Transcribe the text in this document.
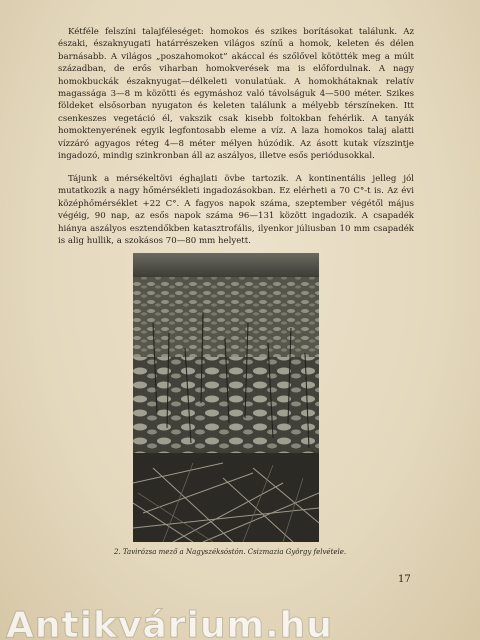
Kétféle felszíni talajféleséget: homokos és szikes borításokat találunk. Az északi, északnyugati határrészeken világos színű a homok, keleten és délen barnásabb. A világos „poszahomokot” akáccal és szőlővel kötötték meg a múlt században, de erős viharban homokverések ma is előfordulnak. A nagy homokbuckák északnyugat—délkeleti vonulatúak. A homokhátaknak relatív magassága 3—8 m közötti és egymáshoz való távolságuk 4—500 méter. Szikes földeket elsősorban nyugaton és keleten találunk a mélyebb térszíneken. Itt csenkeszes vegetáció él, vakszik csak kisebb foltokban fehérlik. A tanyák homoktenyerének egyik legfontosabb eleme a víz. A laza homokos talaj alatti vízzáró agyagos réteg 4—8 méter mélyen húzódik. Az ásott kutak vízszintje ingadozó, mindig szinkronban áll az aszályos, illetve esős periódusokkal.

Tájunk a mérsékeltövi éghajlati övbe tartozik. A kontinentális jelleg jól mutatkozik a nagy hőmérsékleti ingadozásokban. Ez elérheti a 70 C°-t is. Az évi középhőmérséklet +22 C°. A fagyos napok száma, szeptember végétől május végéig, 90 nap, az esős napok száma 96—131 között ingadozik. A csapadék hiánya aszályos esztendőkben katasztrofális, ilyenkor júliusban 10 mm csapadék is alig hullik, a szokásos 70—80 mm helyett.

2. Tavirózsa mező a Nagyszéksóstón. Csizmazia György felvétele.
17
Antikvárium.hu
